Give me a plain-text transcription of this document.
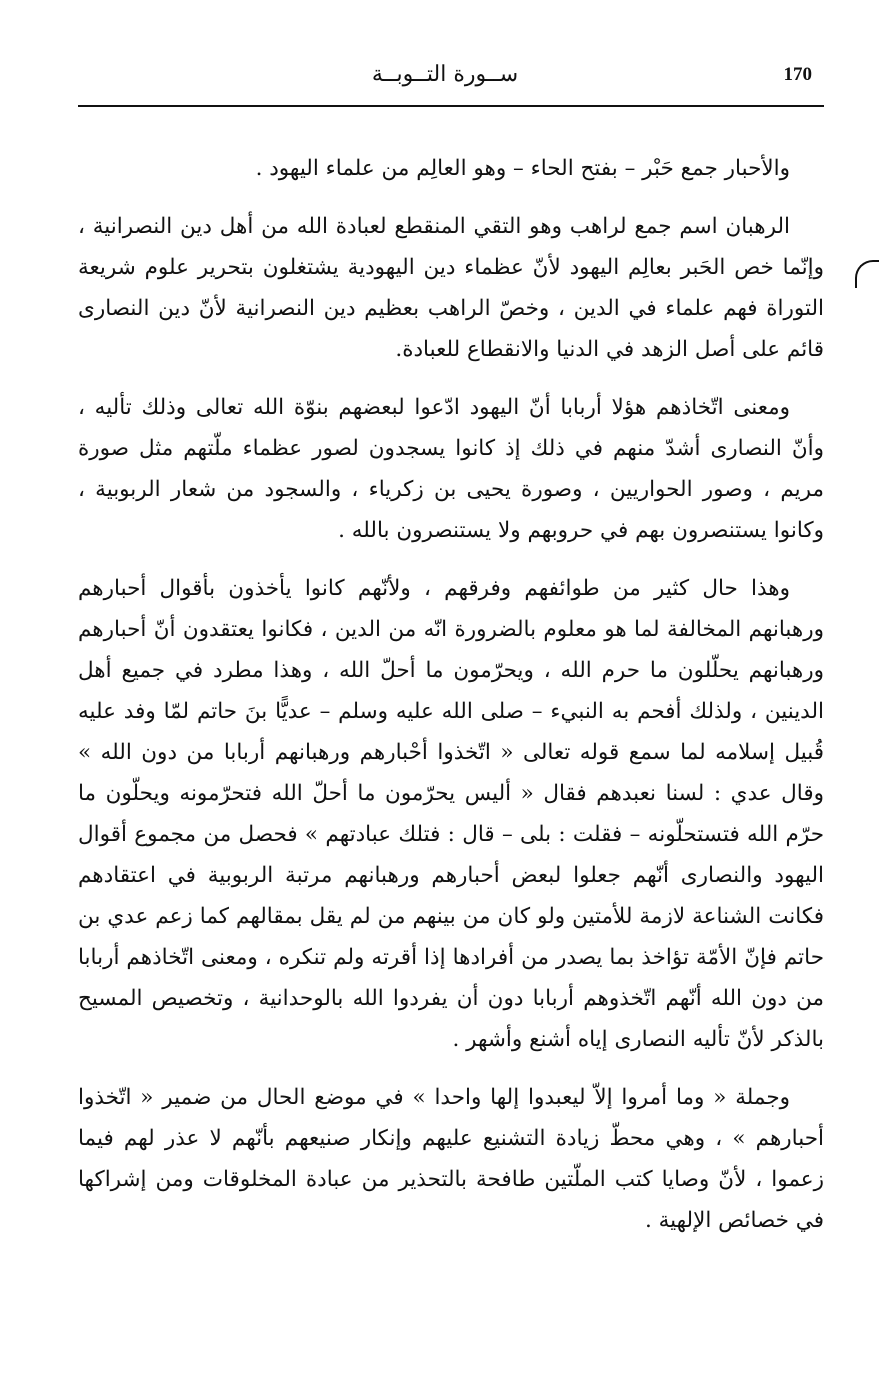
170
ســورة التــوبــة

والأحبار جمع حَبْر – بفتح الحاء – وهو العالِم من علماء اليهود .

الرهبان اسم جمع لراهب وهو التقي المنقطع لعبادة الله من أهل دين النصرانية ، وإنّما خص الحَبر بعالِم اليهود لأنّ عظماء دين اليهودية يشتغلون بتحرير علوم شريعة التوراة فهم علماء في الدين ، وخصّ الراهب بعظيم دين النصرانية لأنّ دين النصارى قائم على أصل الزهد في الدنيا والانقطاع للعبادة.

ومعنى اتّخاذهم هؤلا أربابا أنّ اليهود ادّعوا لبعضهم بنوّة الله تعالى وذلك تأليه ، وأنّ النصارى أشدّ منهم في ذلك إذ كانوا يسجدون لصور عظماء ملّتهم مثل صورة مريم ، وصور الحواريين ، وصورة يحيى بن زكرياء ، والسجود من شعار الربوبية ، وكانوا يستنصرون بهم في حروبهم ولا يستنصرون بالله .

وهذا حال كثير من طوائفهم وفرقهم ، ولأنّهم كانوا يأخذون بأقوال أحبارهم ورهبانهم المخالفة لما هو معلوم بالضرورة انّه من الدين ، فكانوا يعتقدون أنّ أحبارهم ورهبانهم يحلّلون ما حرم الله ، ويحرّمون ما أحلّ الله ، وهذا مطرد في جميع أهل الدينين ، ولذلك أفحم به النبيء – صلى الله عليه وسلم – عديًّا بنَ حاتم لمّا وفد عليه قُبيل إسلامه لما سمع قوله تعالى « اتّخذوا أحْبارهم ورهبانهم أربابا من دون الله » وقال عدي : لسنا نعبدهم فقال « أليس يحرّمون ما أحلّ الله فتحرّمونه ويحلّون ما حرّم الله فتستحلّونه – فقلت : بلى – قال : فتلك عبادتهم » فحصل من مجموع أقوال اليهود والنصارى أنّهم جعلوا لبعض أحبارهم ورهبانهم مرتبة الربوبية في اعتقادهم فكانت الشناعة لازمة للأمتين ولو كان من بينهم من لم يقل بمقالهم كما زعم عدي بن حاتم فإنّ الأمّة تؤاخذ بما يصدر من أفرادها إذا أقرته ولم تنكره ، ومعنى اتّخاذهم أربابا من دون الله أنّهم اتّخذوهم أربابا دون أن يفردوا الله بالوحدانية ، وتخصيص المسيح بالذكر لأنّ تأليه النصارى إياه أشنع وأشهر .

وجملة « وما أمروا إلاّ ليعبدوا إلها واحدا » في موضع الحال من ضمير « اتّخذوا أحبارهم » ، وهي محطّ زيادة التشنيع عليهم وإنكار صنيعهم بأنّهم لا عذر لهم فيما زعموا ، لأنّ وصايا كتب الملّتين طافحة بالتحذير من عبادة المخلوقات ومن إشراكها في خصائص الإلهية .
